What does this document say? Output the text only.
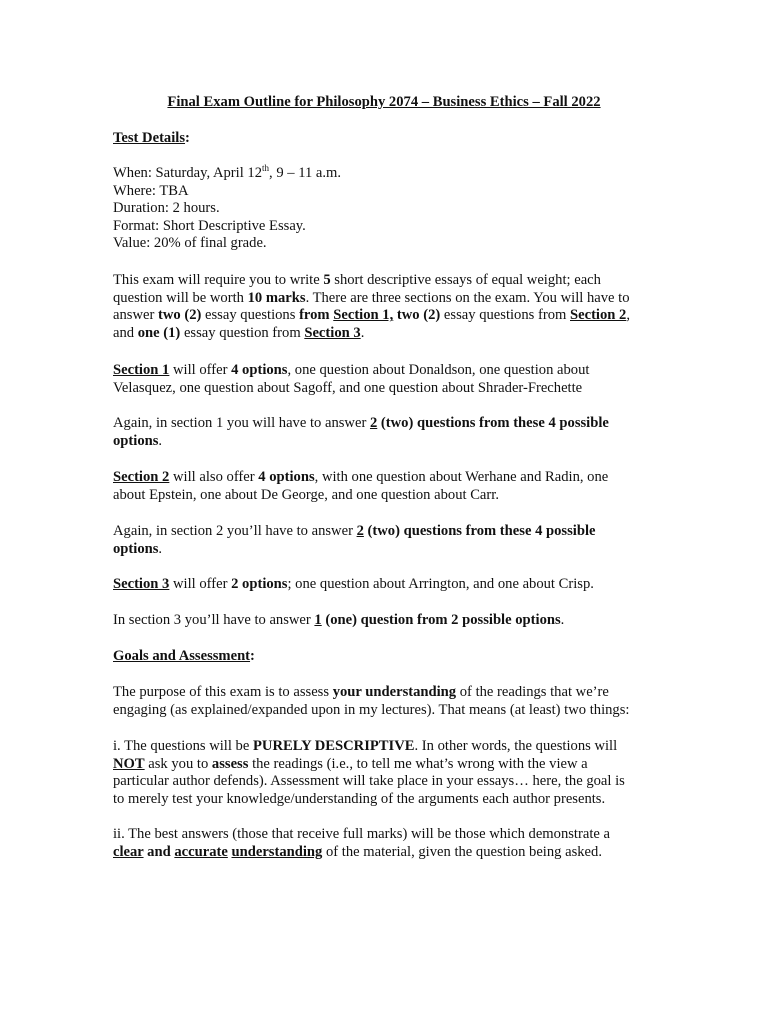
Final Exam Outline for Philosophy 2074 – Business Ethics – Fall 2022
Test Details:
When: Saturday, April 12th, 9 – 11 a.m.
Where: TBA
Duration: 2 hours.
Format: Short Descriptive Essay.
Value: 20% of final grade.
This exam will require you to write 5 short descriptive essays of equal weight; each
question will be worth 10 marks. There are three sections on the exam. You will have to
answer two (2) essay questions from Section 1, two (2) essay questions from Section 2,
and one (1) essay question from Section 3.
Section 1 will offer 4 options, one question about Donaldson, one question about
Velasquez, one question about Sagoff, and one question about Shrader-Frechette
Again, in section 1 you will have to answer 2 (two) questions from these 4 possible
options.
Section 2 will also offer 4 options, with one question about Werhane and Radin, one
about Epstein, one about De George, and one question about Carr.
Again, in section 2 you’ll have to answer 2 (two) questions from these 4 possible
options.
Section 3 will offer 2 options; one question about Arrington, and one about Crisp.
In section 3 you’ll have to answer 1 (one) question from 2 possible options.
Goals and Assessment:
The purpose of this exam is to assess your understanding of the readings that we’re
engaging (as explained/expanded upon in my lectures). That means (at least) two things:
i. The questions will be PURELY DESCRIPTIVE. In other words, the questions will
NOT ask you to assess the readings (i.e., to tell me what’s wrong with the view a
particular author defends). Assessment will take place in your essays… here, the goal is
to merely test your knowledge/understanding of the arguments each author presents.
ii. The best answers (those that receive full marks) will be those which demonstrate a
clear and accurate understanding of the material, given the question being asked.
